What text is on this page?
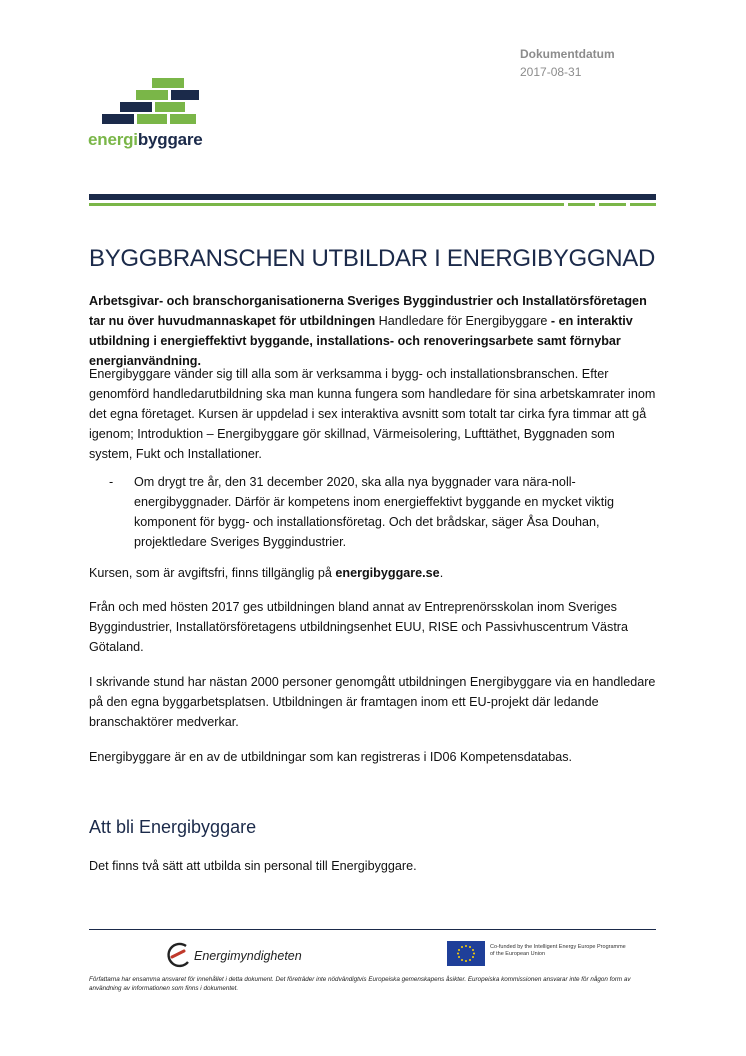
Dokumentdatum
2017-08-31
energibyggare
BYGGBRANSCHEN UTBILDAR I ENERGIBYGGNAD
Arbetsgivar- och branschorganisationerna Sveriges Byggindustrier och Installatörsföretagen tar nu över huvudmannaskapet för utbildningen Handledare för Energibyggare - en interaktiv utbildning i energieffektivt byggande, installations- och renoveringsarbete samt förnybar energianvändning.
Energibyggare vänder sig till alla som är verksamma i bygg- och installationsbranschen. Efter genomförd handledarutbildning ska man kunna fungera som handledare för sina arbetskamrater inom det egna företaget. Kursen är uppdelad i sex interaktiva avsnitt som totalt tar cirka fyra timmar att gå igenom; Introduktion – Energibyggare gör skillnad, Värmeisolering, Lufttäthet, Byggnaden som system, Fukt och Installationer.
- Om drygt tre år, den 31 december 2020, ska alla nya byggnader vara nära-noll-energibyggnader. Därför är kompetens inom energieffektivt byggande en mycket viktig komponent för bygg- och installationsföretag. Och det brådskar, säger Åsa Douhan, projektledare Sveriges Byggindustrier.
Kursen, som är avgiftsfri, finns tillgänglig på energibyggare.se.
Från och med hösten 2017 ges utbildningen bland annat av Entreprenörsskolan inom Sveriges Byggindustrier, Installatörsföretagens utbildningsenhet EUU, RISE och Passivhuscentrum Västra Götaland.
I skrivande stund har nästan 2000 personer genomgått utbildningen Energibyggare via en handledare på den egna byggarbetsplatsen. Utbildningen är framtagen inom ett EU-projekt där ledande branschaktörer medverkar.
Energibyggare är en av de utbildningar som kan registreras i ID06 Kompetensdatabas.
Att bli Energibyggare
Det finns två sätt att utbilda sin personal till Energibyggare.
Energimyndigheten
Co-funded by the Intelligent Energy Europe Programme of the European Union
Författarna har ensamma ansvaret för innehållet i detta dokument. Det företräder inte nödvändigtvis Europeiska gemenskapens åsikter. Europeiska kommissionen ansvarar inte för någon form av användning av informationen som finns i dokumentet.
